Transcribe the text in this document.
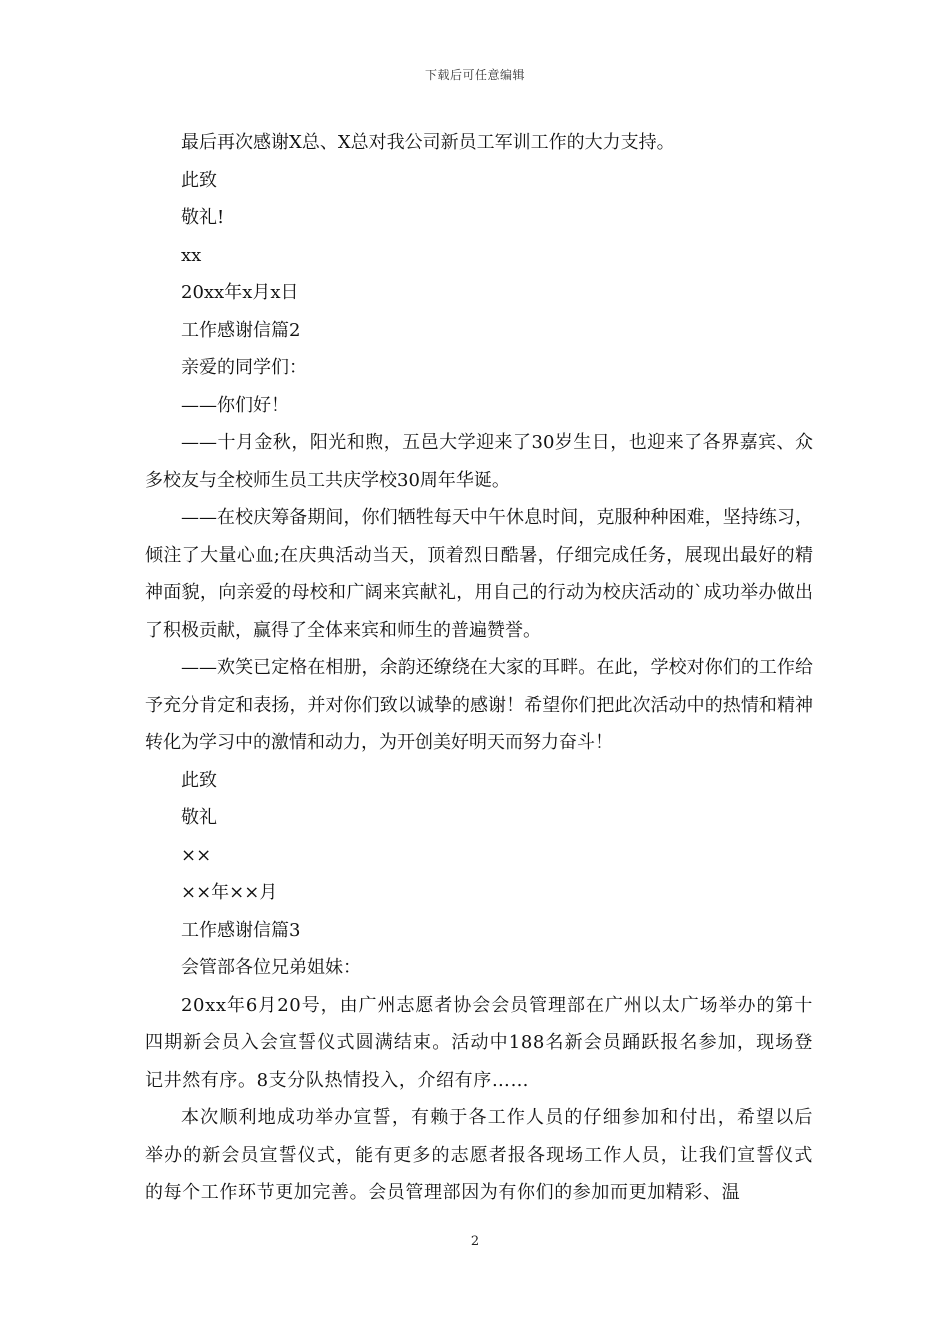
下载后可任意编辑

最后再次感谢X总、X总对我公司新员工军训工作的大力支持。

此致

敬礼!

xx

20xx年x月x日

工作感谢信篇2

亲爱的同学们：

——你们好！

——十月金秋，阳光和煦，五邑大学迎来了30岁生日，也迎来了各界嘉宾、众多校友与全校师生员工共庆学校30周年华诞。

——在校庆筹备期间，你们牺牲每天中午休息时间，克服种种困难，坚持练习，倾注了大量心血;在庆典活动当天，顶着烈日酷暑，仔细完成任务，展现出最好的精神面貌，向亲爱的母校和广阔来宾献礼，用自己的行动为校庆活动的`成功举办做出了积极贡献，赢得了全体来宾和师生的普遍赞誉。

——欢笑已定格在相册，余韵还缭绕在大家的耳畔。在此，学校对你们的工作给予充分肯定和表扬，并对你们致以诚挚的感谢！希望你们把此次活动中的热情和精神转化为学习中的激情和动力，为开创美好明天而努力奋斗！

此致

敬礼

××

××年××月

工作感谢信篇3

会管部各位兄弟姐妹：

20xx年6月20号，由广州志愿者协会会员管理部在广州以太广场举办的第十四期新会员入会宣誓仪式圆满结束。活动中188名新会员踊跃报名参加，现场登记井然有序。8支分队热情投入，介绍有序……

本次顺利地成功举办宣誓，有赖于各工作人员的仔细参加和付出，希望以后举办的新会员宣誓仪式，能有更多的志愿者报各现场工作人员，让我们宣誓仪式的每个工作环节更加完善。会员管理部因为有你们的参加而更加精彩、温

2
